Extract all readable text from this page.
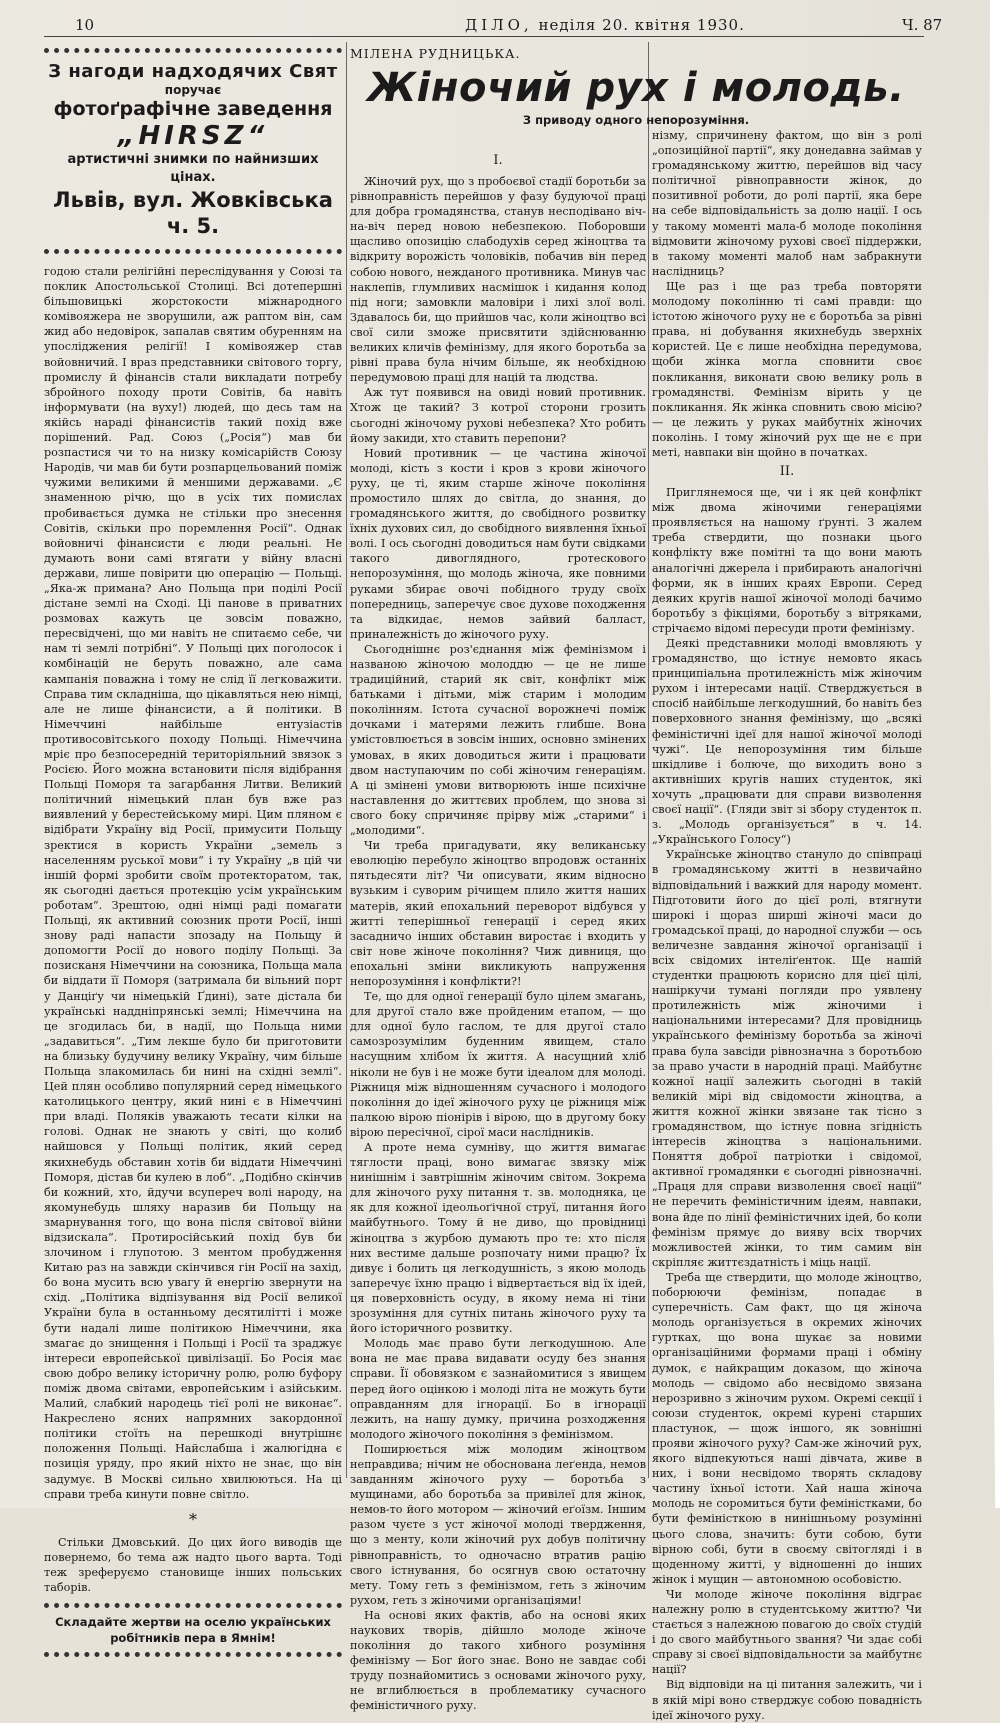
10	ДІЛО, неділя 20. квітня 1930.	Ч. 87
З нагоди надходячих Свят
поручає
фотоґрафічне заведення
„HIRSZ“
артистичні знимки по найнизших цінах.
Львів, вул. Жовківська ч. 5.

годою стали релігійні переслідування у Союзі та поклик Апостольської Столиці. Всі дотепершні більшовицькі жорстокости міжнародного комівояжера не зворушили, аж раптом він, сам жид або недовірок, запалав святим обуренням на упосліджения релігії! І комівояжер став войовничий. І враз представники світового торгу, промислу й фінансів стали викладати потребу збройного походу проти Совітів, ба навіть інформувати (на вуху!) людей, що десь там на якійсь нараді фінансистів такий похід вже порішений. Рад. Союз („Росія“) мав би розпастися чи то на низку комісарійств Союзу Народів, чи мав би бути розпарцельований поміж чужими великими й меншими державами. „Є знаменною річю, що в усіх тих помислах пробивається думка не стільки про знесення Совітів, скільки про поремлення Росії“. Однак войовничі фінансисти є люди реальні. Не думають вони самі втягати у війну власні держави, лише повірити цю операцію — Польщі. „Яка-ж примана? Ано Польща при поділі Росії дістане землі на Сході. Ці панове в приватних розмовах кажуть це зовсім поважно, пересвідчені, що ми навіть не спитаємо себе, чи нам ті землі потрібні“. У Польщі цих поголосок і комбінацій не беруть поважно, але сама кампанія поважна і тому не слід її легковажити. Справа тим складніша, що цікавляться нею німці, але не лише фінансисти, а й політики. В Німеччині найбільше ентузіастів противосовітського походу Польщі. Німеччина мріє про безпосередній територіяльний звязок з Росією. Його можна встановити після відібрання Польщі Поморя та загарбання Литви. Великий політичний німецький план був вже раз виявлений у берестейському мирі. Цим пляном є відібрати Україну від Росії, примусити Польщу зректися в користь України „земель з населенням руської мови“ і ту Україну „в цій чи іншій формі зробити своїм протекторатом, так, як сьогодні дається протекцію усім українським роботам“. Зрештою, одні німці раді помагати Польщі, як активний союзник проти Росії, інші знову раді напасти зпозаду на Польщу й допомогти Росії до нового поділу Польщі. За позисканя Німеччини на союзника, Польща мала би віддати її Поморя (затримала би вільний порт у Данціґу чи німецькій Ґдині), зате дістала би українські наддніпрянські землі; Німеччина на це згодилась би, в надії, що Польща ними „задавиться“. „Тим лекше було би приготовити на близьку будучину велику Україну, чим більше Польща злакомилась би нині на східні землі“. Цей плян особливо популярний серед німецького католицького центру, який нині є в Німеччині при владі. Поляків уважають тесати кілки на голові. Однак не знають у світі, що колиб найшовся у Польщі політик, який серед якихнебудь обставин хотів би віддати Німеччині Поморя, дістав би кулею в лоб“. „Подібно скінчив би кожний, хто, йдучи всупереч волі народу, на якомунебудь шляху наразив би Польщу на змарнування того, що вона після світової війни відзискала“. Протиросійський похід був би злочином і глупотою. З ментом пробудження Китаю раз на завжди скінчився гін Росії на захід, бо вона мусить всю увагу й енергію звернути на схід. „Політика відпізування від Росії великої України була в останньому десятилітті і може бути надалі лише політикою Німеччини, яка змагає до знищення і Польщі і Росії та зраджує інтереси европейської цивілізації. Бо Росія має свою добро велику історичну ролю, ролю буфору поміж двома світами, европейським і азійським. Малий, слабкий народець тієї ролі не виконає“. Накреслено ясних напрямних закордонної політики стоїть на перешкоді внутрішнє положення Польщі. Найслабша і жалюгідна є позиція уряду, про який ніхто не знає, що він задумує. В Москві сильно хвилюються. На ці справи треба кинути повне світло.

*

Стільки Дмовський. До цих його виводів ще повернемо, бо тема аж надто цього варта. Тоді теж зреферуємо становище інших польських таборів.

Складайте жертви на оселю українських робітників пера в Ямнім!
Жіночий рух і молодь.

З приводу одного непорозуміння.

МІЛЕНА РУДНИЦЬКА.

I.

Жіночий рух, що з пробоєвої стадії боротьби за рівноправність перейшов у фазу будуючої праці для добра громадянства, станув несподівано віч-на-віч перед новою небезпекою. Поборовши щасливо опозицію слабодухів серед жіноцтва та відкриту ворожість чоловіків, побачив він перед собою нового, нежданого противника. Минув час наклепів, глумливих насмішок і кидання колод під ноги; замовкли маловіри і лихі злої волі. Здавалось би, що прийшов час, коли жіноцтво всі свої сили зможе присвятити здійснюванню великих кличів фемінізму, для якого боротьба за рівні права була нічим більше, як необхідною передумовою праці для націй та людства.

Аж тут появився на овиді новий противник. Хтож це такий? З котрої сторони грозить сьогодні жіночому рухові небезпека? Хто робить йому закиди, хто ставить перепони?

Новий противник — це частина жіночої молоді, кість з кости і кров з крови жіночого руху, це ті, яким старше жіноче покоління промостило шлях до світла, до знання, до громадянського життя, до свобідного розвитку їхніх духових сил, до свобідного виявлення їхньої волі. І ось сьогодні доводиться нам бути свідками такого дивоглядного, гротескового непорозуміння, що молодь жіноча, яке повними руками збирає овочі побідного труду своїх попередниць, заперечує своє духове походження та відкидає, немов зайвий балласт, приналежність до жіночого руху.

Сьогоднішнє роз'єднання між фемінізмом і названою жіночою молоддю — це не лише традиційний, старий як світ, конфлікт між батьками і дітьми, між старим і молодим поколінням. Істота сучасної ворожнечі поміж дочками і матерями лежить глибше. Вона умістовлюється в зовсім інших, основно змінених умовах, в яких доводиться жити і працювати двом наступаючим по собі жіночим генераціям. А ці змінені умови витворюють інше психічне наставлення до життєвих проблем, що знова зі свого боку спричиняє прірву між „старими“ і „молодими“.

Чи треба пригадувати, яку великанську еволюцію перебуло жіноцтво впродовж останніх пятьдесяти літ? Чи описувати, яким відносно вузьким і суворим річищем плило життя наших матерів, який епохальний переворот відбувся у житті теперішньої генерації і серед яких засадничо інших обставин виростає і входить у світ нове жіноче покоління? Чиж дивниця, що епохальні зміни викликують напруження непорозуміння і конфлікти?!

Те, що для одної генерації було цілем змагань, для другої стало вже пройденим етапом, — що для одної було гаслом, те для другої стало самозрозумілим буденним явищем, стало насущним хлібом їх життя. А насущний хліб ніколи не був і не може бути ідеалом для молоді. Ріжниця між відношенням сучасного і молодого покоління до ідеї жіночого руху це ріжниця між палкою вірою піонірів і вірою, що в другому боку вірою пересічної, сірої маси наслідників.

А проте нема сумніву, що життя вимагає тяглости праці, воно вимагає звязку між нинішнім і завтрішнім жіночим світом. Зокрема для жіночого руху питання т. зв. молодняка, це як для кожної ідеольоґічної струї, питання його майбутнього. Тому й не диво, що провідниці жіноцтва з журбою думають про те: хто після них вестиме дальше розпочату ними працю? Їх дивує і болить ця легкодушність, з якою молодь заперечує їхню працю і відвертається від їх ідей, ця поверховність осуду, в якому нема ні тіни зрозуміння для сутніх питань жіночого руху та його історичного розвитку.

Молодь має право бути легкодушною. Але вона не має права видавати осуду без знання справи. Її обовязком є зазнайомитися з явищем перед його оцінкою і молоді літа не можуть бути оправданням для ігнорації. Бо в ігнорації лежить, на нашу думку, причина розходження молодого жіночого покоління з фемінізмом.

Поширюється між молодим жіноцтвом неправдива; нічим не обоснована леґенда, немов завданням жіночого руху — боротьба з мущинами, або боротьба за привілеї для жінок, немов-то його мотором — жіночий еґоїзм. Іншим разом чуєте з уст жіночої молоді твердження, що з менту, коли жіночий рух добув політичну рівноправність, то одночасно втратив рацію свого істнування, бо осягнув свою остаточну мету. Тому геть з фемінізмом, геть з жіночим рухом, геть з жіночими організаціями!

На основі яких фактів, або на основі яких наукових творів, дійшло молоде жіноче покоління до такого хибного розуміння фемінізму — Бог його знає. Воно не завдає собі труду познайомитись з основами жіночого руху, не вглиблюється в проблематику сучасного феміністичного руху.

нізму, спричинену фактом, що він з ролі „опозиційної партії“, яку донедавна займав у громадянському життю, перейшов від часу політичної рівноправности жінок, до позитивної роботи, до ролі партії, яка бере на себе відповідальність за долю нації. І ось у такому моменті мала-б молоде покоління відмовити жіночому рухові своєї піддержки, в такому моменті малоб нам забракнути наслідниць?

Ще раз і ще раз треба повторяти молодому поколінню ті самі правди: що істотою жіночого руху не є боротьба за рівні права, ні добування якихнебудь зверхніх користей. Це є лише необхідна передумова, щоби жінка могла сповнити своє покликання, виконати свою велику роль в громадянстві. Фемінізм вірить у це покликання. Як жінка сповнить свою місію? — це лежить у руках майбутніх жіночих поколінь. І тому жіночий рух ще не є при меті, навпаки він щойно в початках.

II.

Приглянемося ще, чи і як цей конфлікт між двома жіночими генераціями проявляється на нашому ґрунті. З жалем треба ствердити, що познаки цього конфлікту вже помітні та що вони мають аналогічні джерела і прибирають аналогічні форми, як в інших краях Европи. Серед деяких кругів нашої жіночої молоді бачимо боротьбу з фікціями, боротьбу з вітряками, стрічаємо відомі пересуди проти фемінізму.

Деякі представники молоді вмовляють у громадянство, що істнує немовто якась принципіальна протилежність між жіночим рухом і інтересами нації. Стверджується в спосіб найбільше легкодушний, бо навіть без поверховного знання фемінізму, що „всякі феміністичні ідеї для нашої жіночої молоді чужі“. Це непорозуміння тим більше шкідливе і болюче, що виходить воно з активніших кругів наших студенток, які хочуть „працювати для справи визволення своєї нації“. (Гляди звіт зі збору студенток п. з. „Молодь організується“ в ч. 14. „Українського Голосу“)

Українське жіноцтво станулo до співпраці в громадянському житті в незвичайно відповідальний і важкий для народу момент. Підготовити його до цієї ролі, втягнути широкі і щораз ширші жіночі маси до громадської праці, до народної служби — ось величезне завдання жіночої організації і всіх свідомих інтеліґенток. Ще нашій студентки працюють корисно для цієї цілі, нашіркучи тумані погляди про уявлену протилежність між жіночими і національними інтересами? Для провідниць українського фемінізму боротьба за жіночі права була завсіди рівнозначна з боротьбою за право участи в народній праці. Майбутнє кожної нації залежить сьогодні в такій великій мірі від свідомости жіноцтва, а життя кожної жінки звязане так тісно з громадянством, що істнує повна згідність інтересів жіноцтва з національними. Поняття доброї патріотки і свідомої, активної громадянки є сьогодні рівнозначні. „Праця для справи визволення своєї нації“ не перечить феміністичним ідеям, навпаки, вона йде по лінії феміністичних ідей, бо коли фемінізм прямує до вияву всіх творчих можливостей жінки, то тим самим він скріпляє життєздатність і міць нації.

Треба ще ствердити, що молоде жіноцтво, поборюючи фемінізм, попадає в суперечність. Сам факт, що ця жіноча молодь організується в окремих жіночих гуртках, що вона шукає за новими організаційними формами праці і обміну думок, є найкращим доказом, що жіноча молодь — свідомо або несвідомо звязана нерозривно з жіночим рухом. Окремі секції і союзи студенток, окремі курені старших пластунок, — щож іншого, як зовнішні прояви жіночого руху? Сам-же жіночий рух, якого відпекуються наші дівчата, живе в них, і вони несвідомо творять складову частину їхньої істоти. Хай наша жіноча молодь не соромиться бути феміністками, бо бути феміністкою в нинішньому розумінні цього слова, значить: бути собою, бути вірною собі, бути в своєму світогляді і в щоденному житті, у відношенні до інших жінок і мущин — автономною особовістю.

Чи молоде жіноче покоління відграє належну ролю в студентському життю? Чи стається з належною повагою до своїх студій і до свого майбутнього звання? Чи здає собі справу зі своєї відповідальности за майбутнє нації?

Від відповіди на ці питання залежить, чи і в якій мірі воно стверджує собою повадність ідеї жіночого руху.
